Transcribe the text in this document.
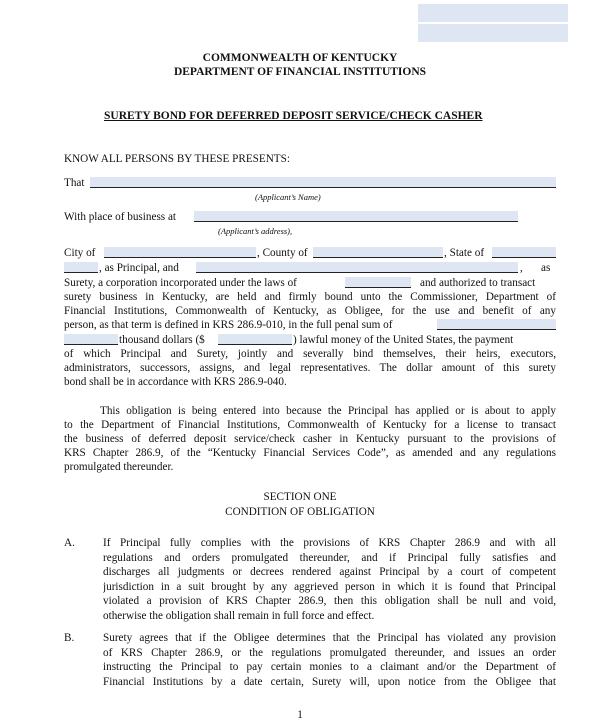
COMMONWEALTH OF KENTUCKY
DEPARTMENT OF FINANCIAL INSTITUTIONS
SURETY BOND FOR DEFERRED DEPOSIT SERVICE/CHECK CASHER
KNOW ALL PERSONS BY THESE PRESENTS:
That
(Applicant’s Name)
With place of business at
(Applicant’s address),
City of	, County of	, State of
, as Principal, and	, as
Surety, a corporation incorporated under the laws of	and authorized to transact
surety business in Kentucky, are held and firmly bound unto the Commissioner, Department of
Financial Institutions, Commonwealth of Kentucky, as Obligee, for the use and benefit of any
person, as that term is defined in KRS 286.9-010, in the full penal sum of
thousand dollars ($	) lawful money of the United States, the payment
of which Principal and Surety, jointly and severally bind themselves, their heirs, executors,
administrators, successors, assigns, and legal representatives. The dollar amount of this surety
bond shall be in accordance with KRS 286.9-040.
This obligation is being entered into because the Principal has applied or is about to apply
to the Department of Financial Institutions, Commonwealth of Kentucky for a license to transact
the business of deferred deposit service/check casher in Kentucky pursuant to the provisions of
KRS Chapter 286.9, of the “Kentucky Financial Services Code”, as amended and any regulations
promulgated thereunder.
SECTION ONE
CONDITION OF OBLIGATION
A.	If Principal fully complies with the provisions of KRS Chapter 286.9 and with all
regulations and orders promulgated thereunder, and if Principal fully satisfies and
discharges all judgments or decrees rendered against Principal by a court of competent
jurisdiction in a suit brought by any aggrieved person in which it is found that Principal
violated a provision of KRS Chapter 286.9, then this obligation shall be null and void,
otherwise the obligation shall remain in full force and effect.
B.	Surety agrees that if the Obligee determines that the Principal has violated any provision
of KRS Chapter 286.9, or the regulations promulgated thereunder, and issues an order
instructing the Principal to pay certain monies to a claimant and/or the Department of
Financial Institutions by a date certain, Surety will, upon notice from the Obligee that
1
